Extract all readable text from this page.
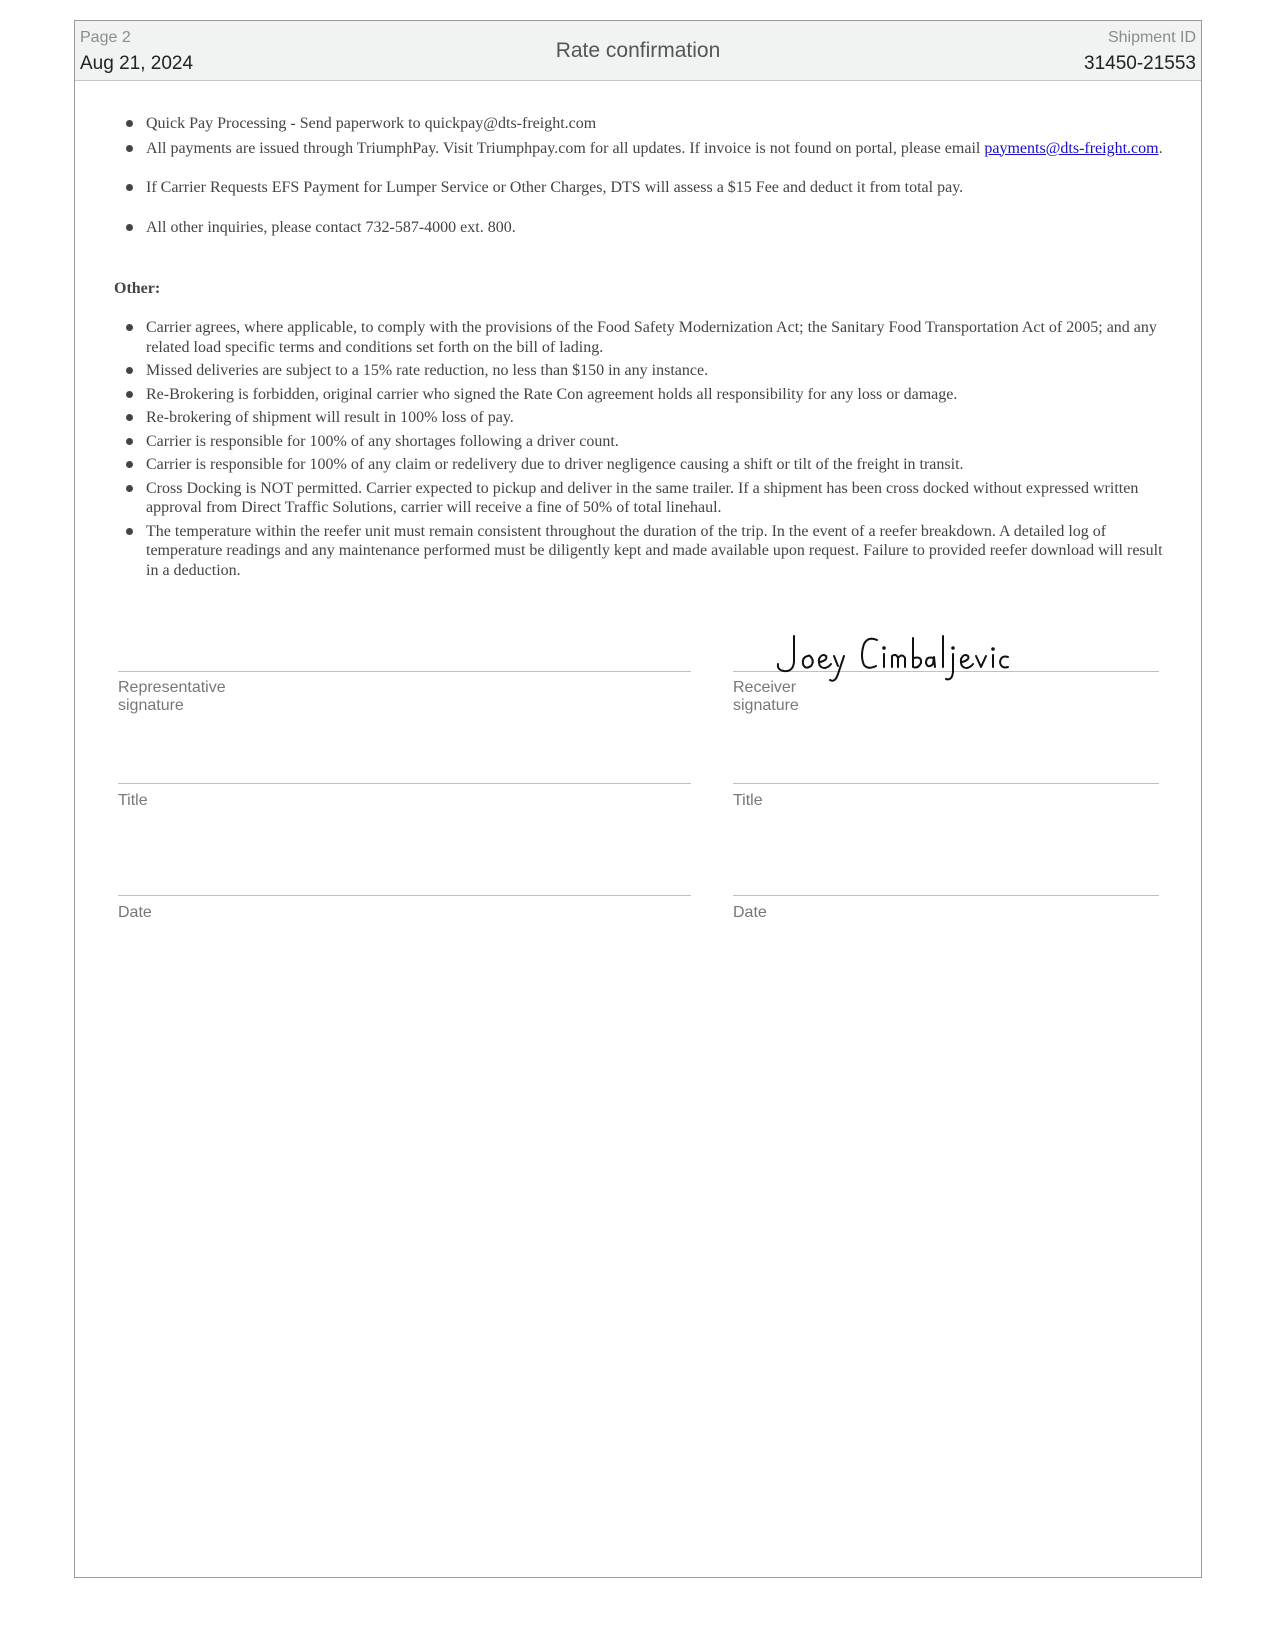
Page 2
Aug 21, 2024
Rate confirmation
Shipment ID
31450-21553
Quick Pay Processing - Send paperwork to quickpay@dts-freight.com
All payments are issued through TriumphPay. Visit Triumphpay.com for all updates. If invoice is not found on portal, please email payments@dts-freight.com.
If Carrier Requests EFS Payment for Lumper Service or Other Charges, DTS will assess a $15 Fee and deduct it from total pay.
All other inquiries, please contact 732-587-4000 ext. 800.
Other:
Carrier agrees, where applicable, to comply with the provisions of the Food Safety Modernization Act; the Sanitary Food Transportation Act of 2005; and any related load specific terms and conditions set forth on the bill of lading.
Missed deliveries are subject to a 15% rate reduction, no less than $150 in any instance.
Re-Brokering is forbidden, original carrier who signed the Rate Con agreement holds all responsibility for any loss or damage.
Re-brokering of shipment will result in 100% loss of pay.
Carrier is responsible for 100% of any shortages following a driver count.
Carrier is responsible for 100% of any claim or redelivery due to driver negligence causing a shift or tilt of the freight in transit.
Cross Docking is NOT permitted. Carrier expected to pickup and deliver in the same trailer. If a shipment has been cross docked without expressed written approval from Direct Traffic Solutions, carrier will receive a fine of 50% of total linehaul.
The temperature within the reefer unit must remain consistent throughout the duration of the trip. In the event of a reefer breakdown. A detailed log of temperature readings and any maintenance performed must be diligently kept and made available upon request. Failure to provided reefer download will result in a deduction.
Representative signature
Receiver signature
Title	Title
Date	Date
